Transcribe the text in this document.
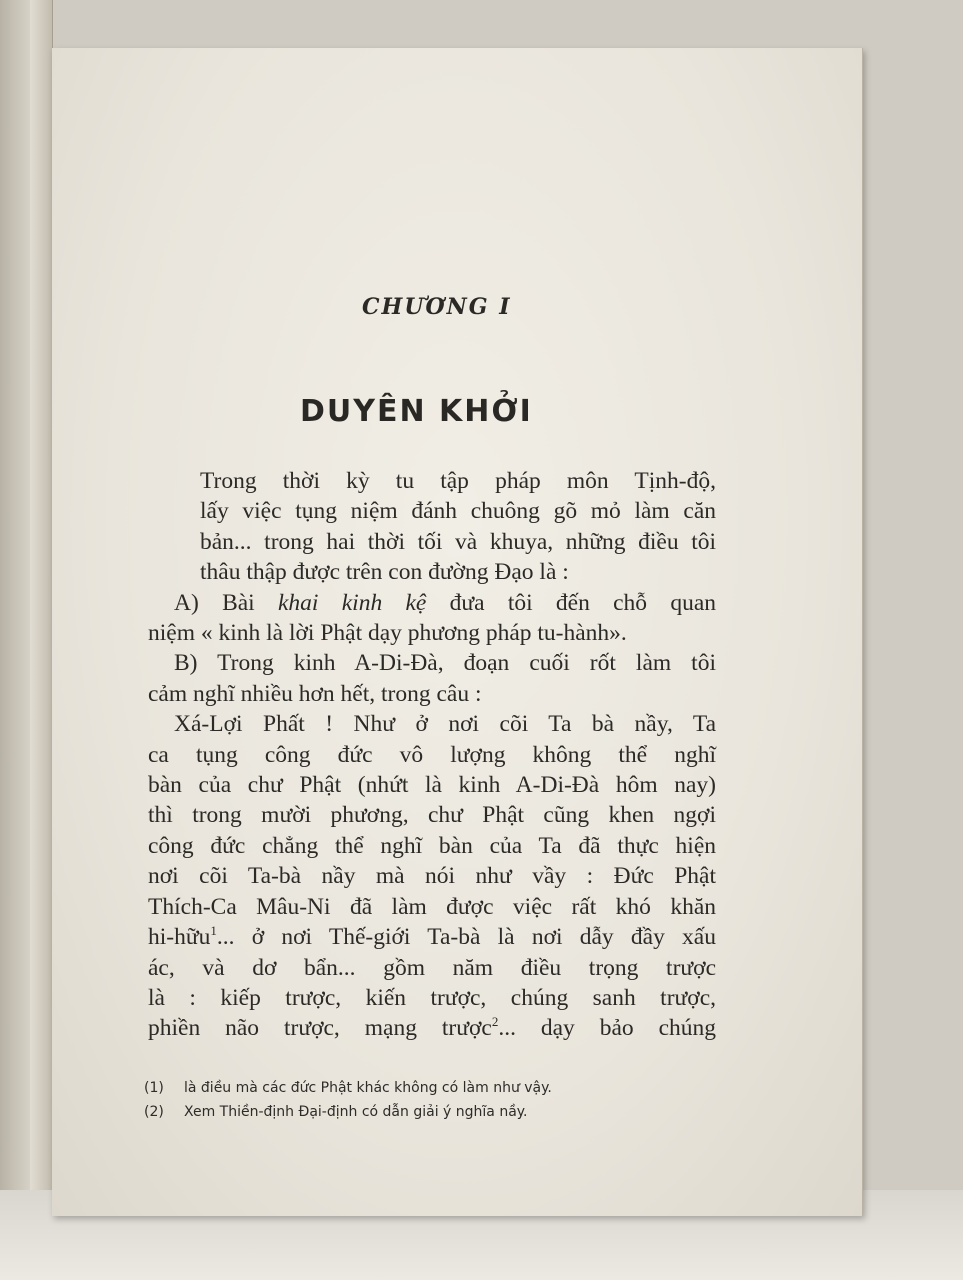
CHƯƠNG I
DUYÊN KHỞI

Trong thời kỳ tu tập pháp môn Tịnh-độ,
lấy việc tụng niệm đánh chuông gõ mỏ làm căn
bản... trong hai thời tối và khuya, những điều tôi
thâu thập được trên con đường Đạo là :

A) Bài khai kinh kệ đưa tôi đến chỗ quan
niệm « kinh là lời Phật dạy phương pháp tu-hành».

B) Trong kinh A-Di-Đà, đoạn cuối rốt làm tôi
cảm nghĩ nhiều hơn hết, trong câu :

Xá-Lợi Phất ! Như ở nơi cõi Ta bà nầy, Ta
ca tụng công đức vô lượng không thể nghĩ
bàn của chư Phật (nhứt là kinh A-Di-Đà hôm nay)
thì trong mười phương, chư Phật cũng khen ngợi
công đức chẳng thể nghĩ bàn của Ta đã thực hiện
nơi cõi Ta-bà nầy mà nói như vầy : Đức Phật
Thích-Ca Mâu-Ni đã làm được việc rất khó khăn
hi-hữu$^1$... ở nơi Thế-giới Ta-bà là nơi dẫy đầy xấu
ác, và dơ bẩn... gồm năm điều trọng trược
là : kiếp trược, kiến trược, chúng sanh trược,
phiền não trược, mạng trược$^2$... dạy bảo chúng

(1)	là điều mà các đức Phật khác không có làm như vậy.
(2)	Xem Thiền-định Đại-định có dẫn giải ý nghĩa nầy.
